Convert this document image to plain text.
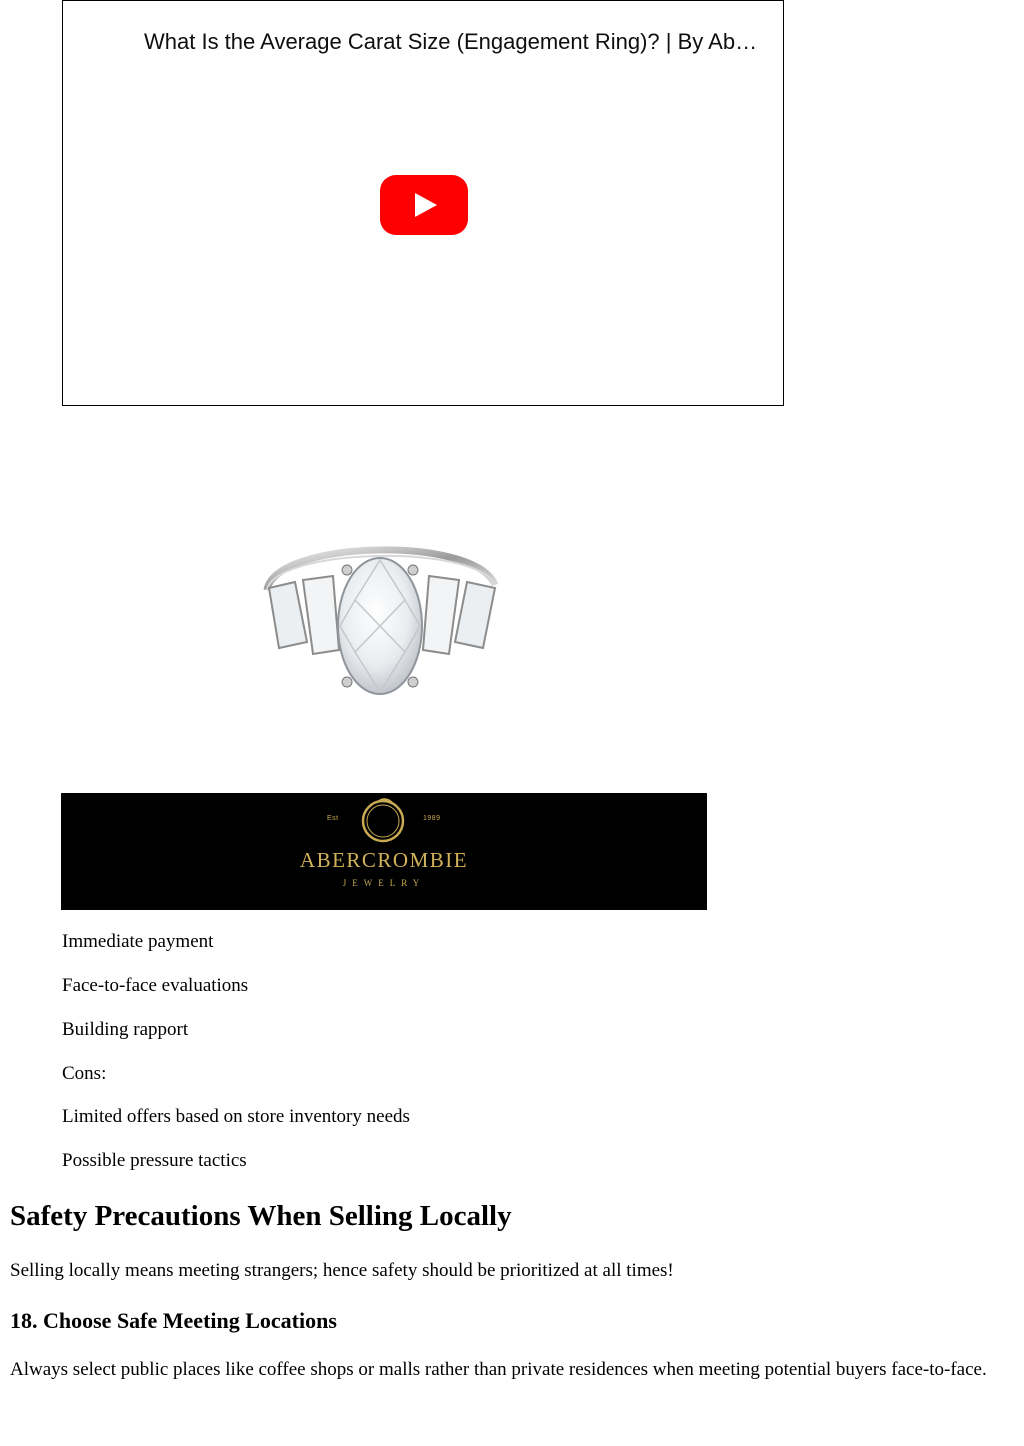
What Is the Average Carat Size (Engagement Ring)? | By Ab…
Est	1989
ABERCROMBIE
JEWELRY

Immediate payment

Face-to-face evaluations

Building rapport

Cons:

Limited offers based on store inventory needs

Possible pressure tactics

Safety Precautions When Selling Locally

Selling locally means meeting strangers; hence safety should be prioritized at all times!

18. Choose Safe Meeting Locations

Always select public places like coffee shops or malls rather than private residences when meeting potential buyers face-to-face.
